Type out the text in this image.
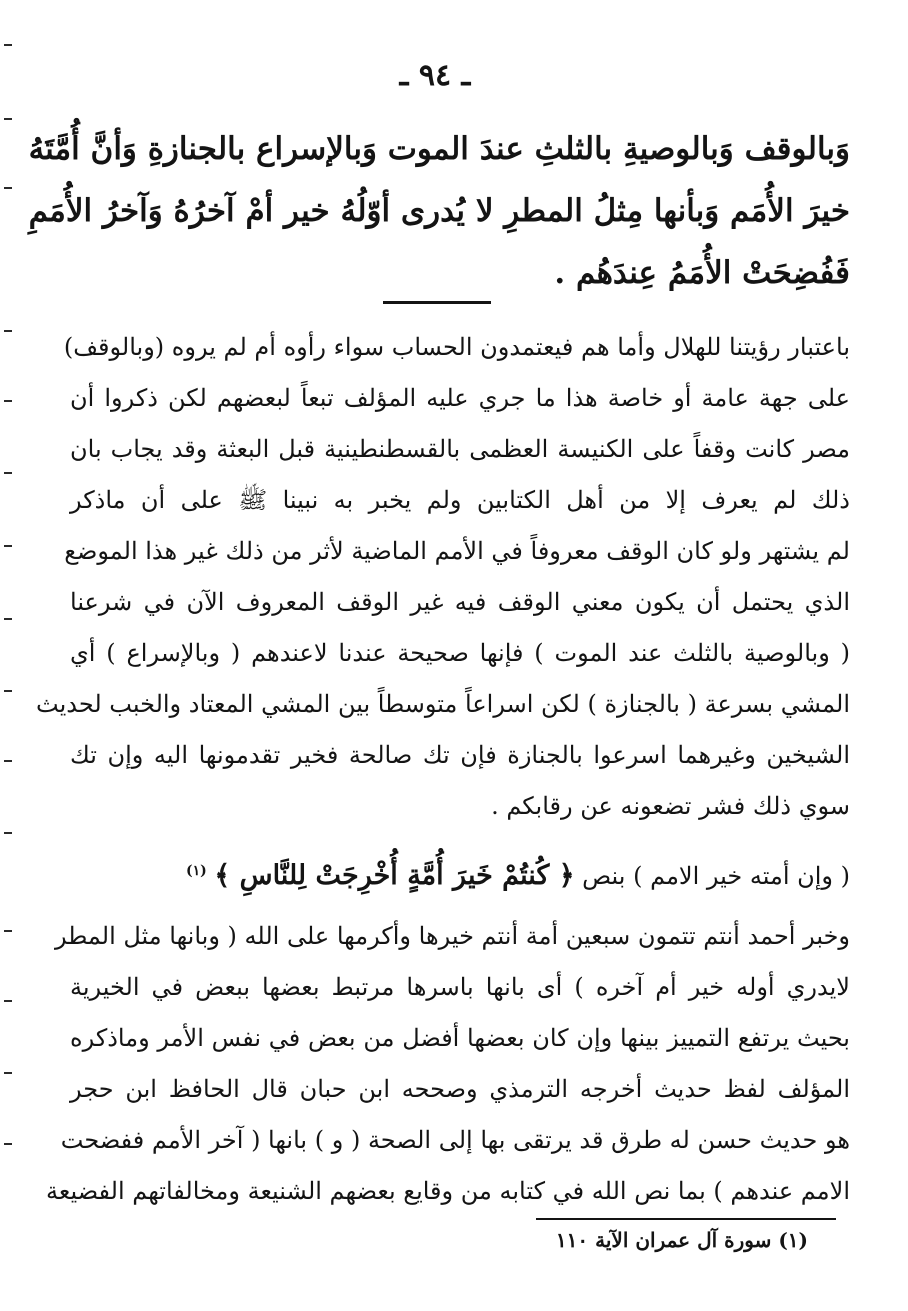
ـ ٩٤ ـ
وَبالوقف وَبالوصيةِ بالثلثِ عندَ الموت وَبالإسراع بالجنازةِ وَأنَّ أُمَّتَهُ
خيرَ الأُمَم وَبأنها مِثلُ المطرِ لا يُدرى أوّلُهُ خير أمْ آخرُهُ وَآخرُ الأُمَمِ
فَفُضِحَتْ الأُمَمُ عِندَهُم .
باعتبار رؤيتنا للهلال وأما هم فيعتمدون الحساب سواء رأوه أم لم يروه (وبالوقف)
على جهة عامة أو خاصة هذا ما جري عليه المؤلف تبعاً لبعضهم لكن ذكروا أن
مصر كانت وقفاً على الكنيسة العظمى بالقسطنطينية قبل البعثة وقد يجاب بان
ذلك لم يعرف إلا من أهل الكتابين ولم يخبر به نبينا ﷺ على أن ماذكر
لم يشتهر ولو كان الوقف معروفاً في الأمم الماضية لأثر من ذلك غير هذا الموضع
الذي يحتمل أن يكون معني الوقف فيه غير الوقف المعروف الآن في شرعنا
( وبالوصية بالثلث عند الموت ) فإنها صحيحة عندنا لاعندهم ( وبالإسراع ) أي
المشي بسرعة ( بالجنازة ) لكن اسراعاً متوسطاً بين المشي المعتاد والخبب لحديث
الشيخين وغيرهما اسرعوا بالجنازة فإن تك صالحة فخير تقدمونها اليه وإن تك
سوي ذلك فشر تضعونه عن رقابكم .
( وإن أمته خير الامم ) بنص ﴿ كُنتُمْ خَيرَ أُمَّةٍ أُخْرِجَتْ لِلنَّاسِ ﴾ $^{(١)}$
وخبر أحمد أنتم تتمون سبعين أمة أنتم خيرها وأكرمها على الله ( وبانها مثل المطر
لايدري أوله خير أم آخره ) أى بانها باسرها مرتبط بعضها ببعض في الخيرية
بحيث يرتفع التمييز بينها وإن كان بعضها أفضل من بعض في نفس الأمر وماذكره
المؤلف لفظ حديث أخرجه الترمذي وصححه ابن حبان قال الحافظ ابن حجر
هو حديث حسن له طرق قد يرتقى بها إلى الصحة ( و ) بانها ( آخر الأمم ففضحت
الامم عندهم ) بما نص الله في كتابه من وقايع بعضهم الشنيعة ومخالفاتهم الفضيعة
(١) سورة آل عمران الآية ١١٠
